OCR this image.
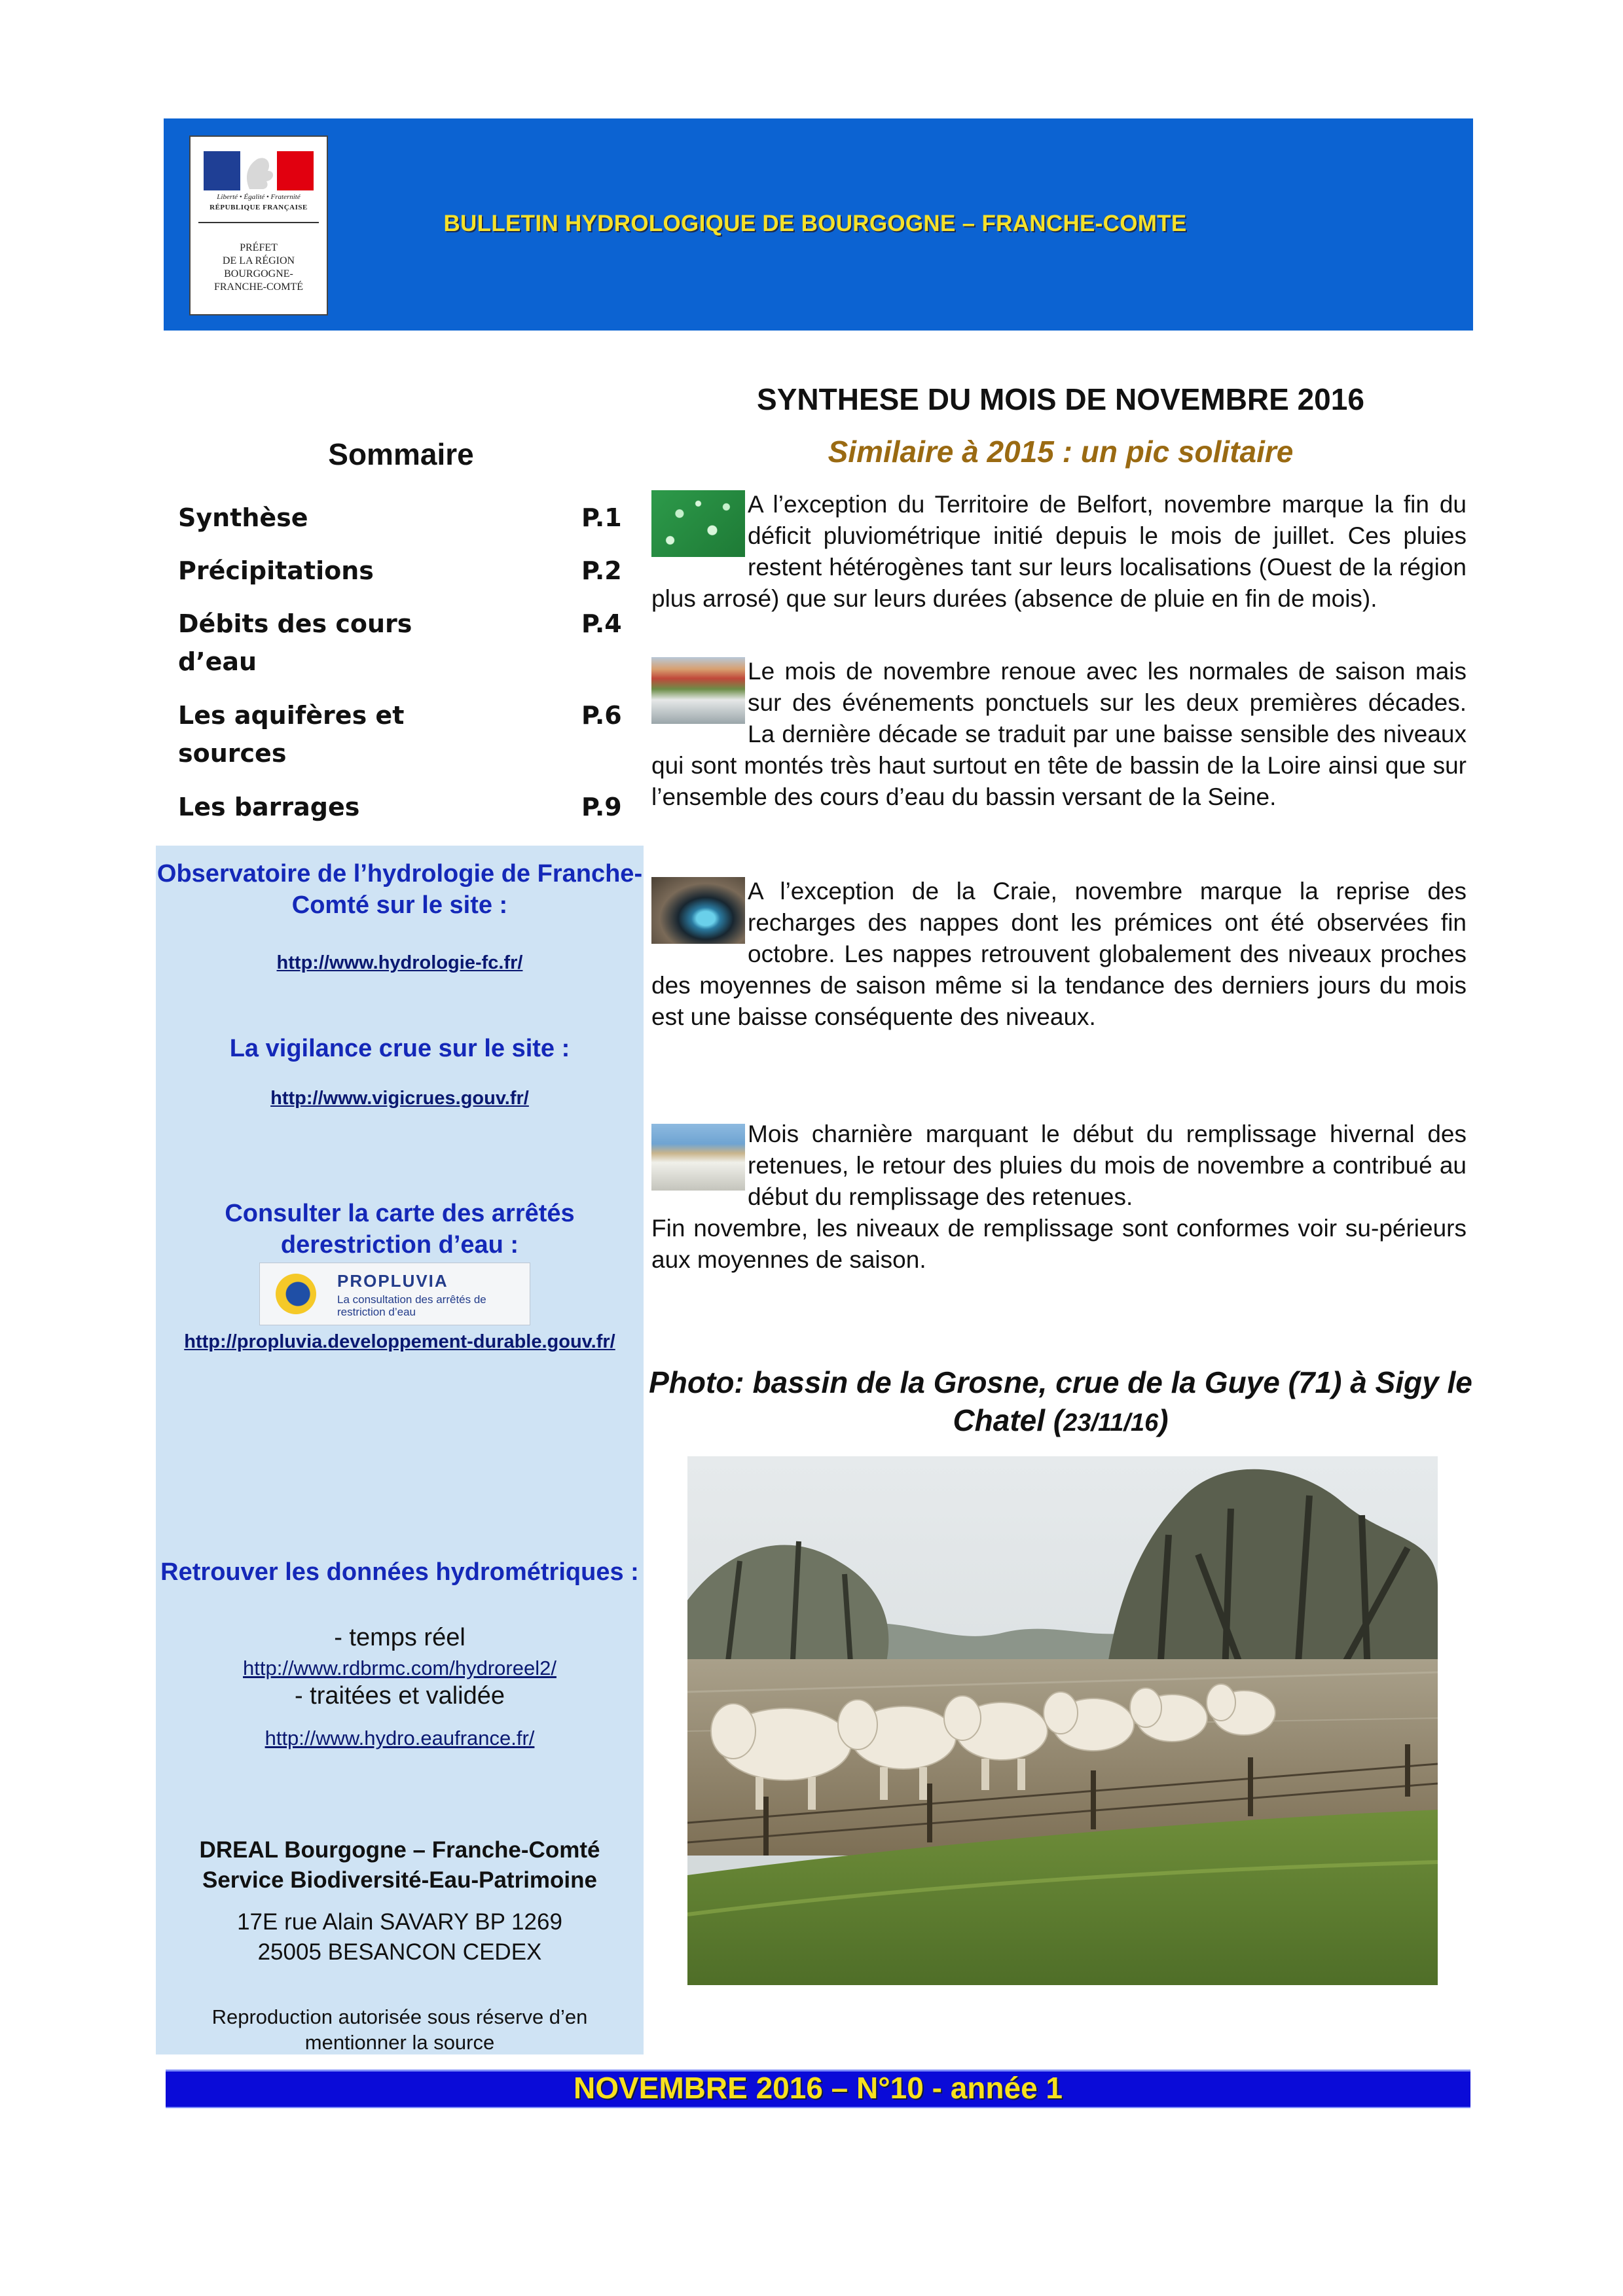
Liberté • Égalité • Fraternité
RÉPUBLIQUE FRANÇAISE
PRÉFET
DE LA RÉGION
BOURGOGNE-
FRANCHE-COMTÉ
BULLETIN HYDROLOGIQUE DE BOURGOGNE – FRANCHE-COMTE
Sommaire
Synthèse	P.1
Précipitations	P.2
Débits des cours d’eau
P.4
Les aquifères et sources
P.6
Les barrages	P.9
Observatoire de l’hydrologie de Franche-Comté sur le site :
http://www.hydrologie-fc.fr/
La vigilance crue sur le site :
http://www.vigicrues.gouv.fr/
Consulter la carte des arrêtés derestriction d’eau :
PROPLUVIA
La consultation des arrêtés de restriction d’eau
http://propluvia.developpement-durable.gouv.fr/
Retrouver les données hydrométriques :
- temps réel
http://www.rdbrmc.com/hydroreel2/
- traitées et validée
http://www.hydro.eaufrance.fr/
DREAL Bourgogne – Franche-Comté
Service Biodiversité-Eau-Patrimoine
17E rue Alain SAVARY BP 1269
25005 BESANCON CEDEX
Reproduction autorisée sous réserve d’en mentionner la source
SYNTHESE DU MOIS DE NOVEMBRE 2016
Similaire à 2015 : un pic solitaire
A l’exception du Territoire de Belfort, novembre marque la fin du déficit pluviométrique initié depuis le mois de juillet. Ces pluies restent hétérogènes tant sur leurs localisations (Ouest de la région plus arrosé) que sur leurs durées (absence de pluie en fin de mois).
Le mois de novembre renoue avec les normales de saison mais sur des événements ponctuels sur les deux premières décades. La dernière décade se traduit par une baisse sensible des niveaux qui sont montés très haut surtout en tête de bassin de la Loire ainsi que sur l’ensemble des cours d’eau du bassin versant de la Seine.
A l’exception de la Craie, novembre marque la reprise des recharges des nappes dont les prémices ont été observées fin octobre. Les nappes retrouvent globalement des niveaux proches des moyennes de saison même si la tendance des derniers jours du mois est une baisse conséquente des niveaux.
Mois charnière marquant le début du remplissage hivernal des retenues, le retour des pluies du mois de novembre a contribué au début du remplissage des retenues.
Fin novembre, les niveaux de remplissage sont conformes voir su-périeurs aux moyennes de saison.
Photo: bassin de la Grosne, crue de la Guye (71) à Sigy le Chatel (23/11/16)
NOVEMBRE 2016 – N°10 - année 1
